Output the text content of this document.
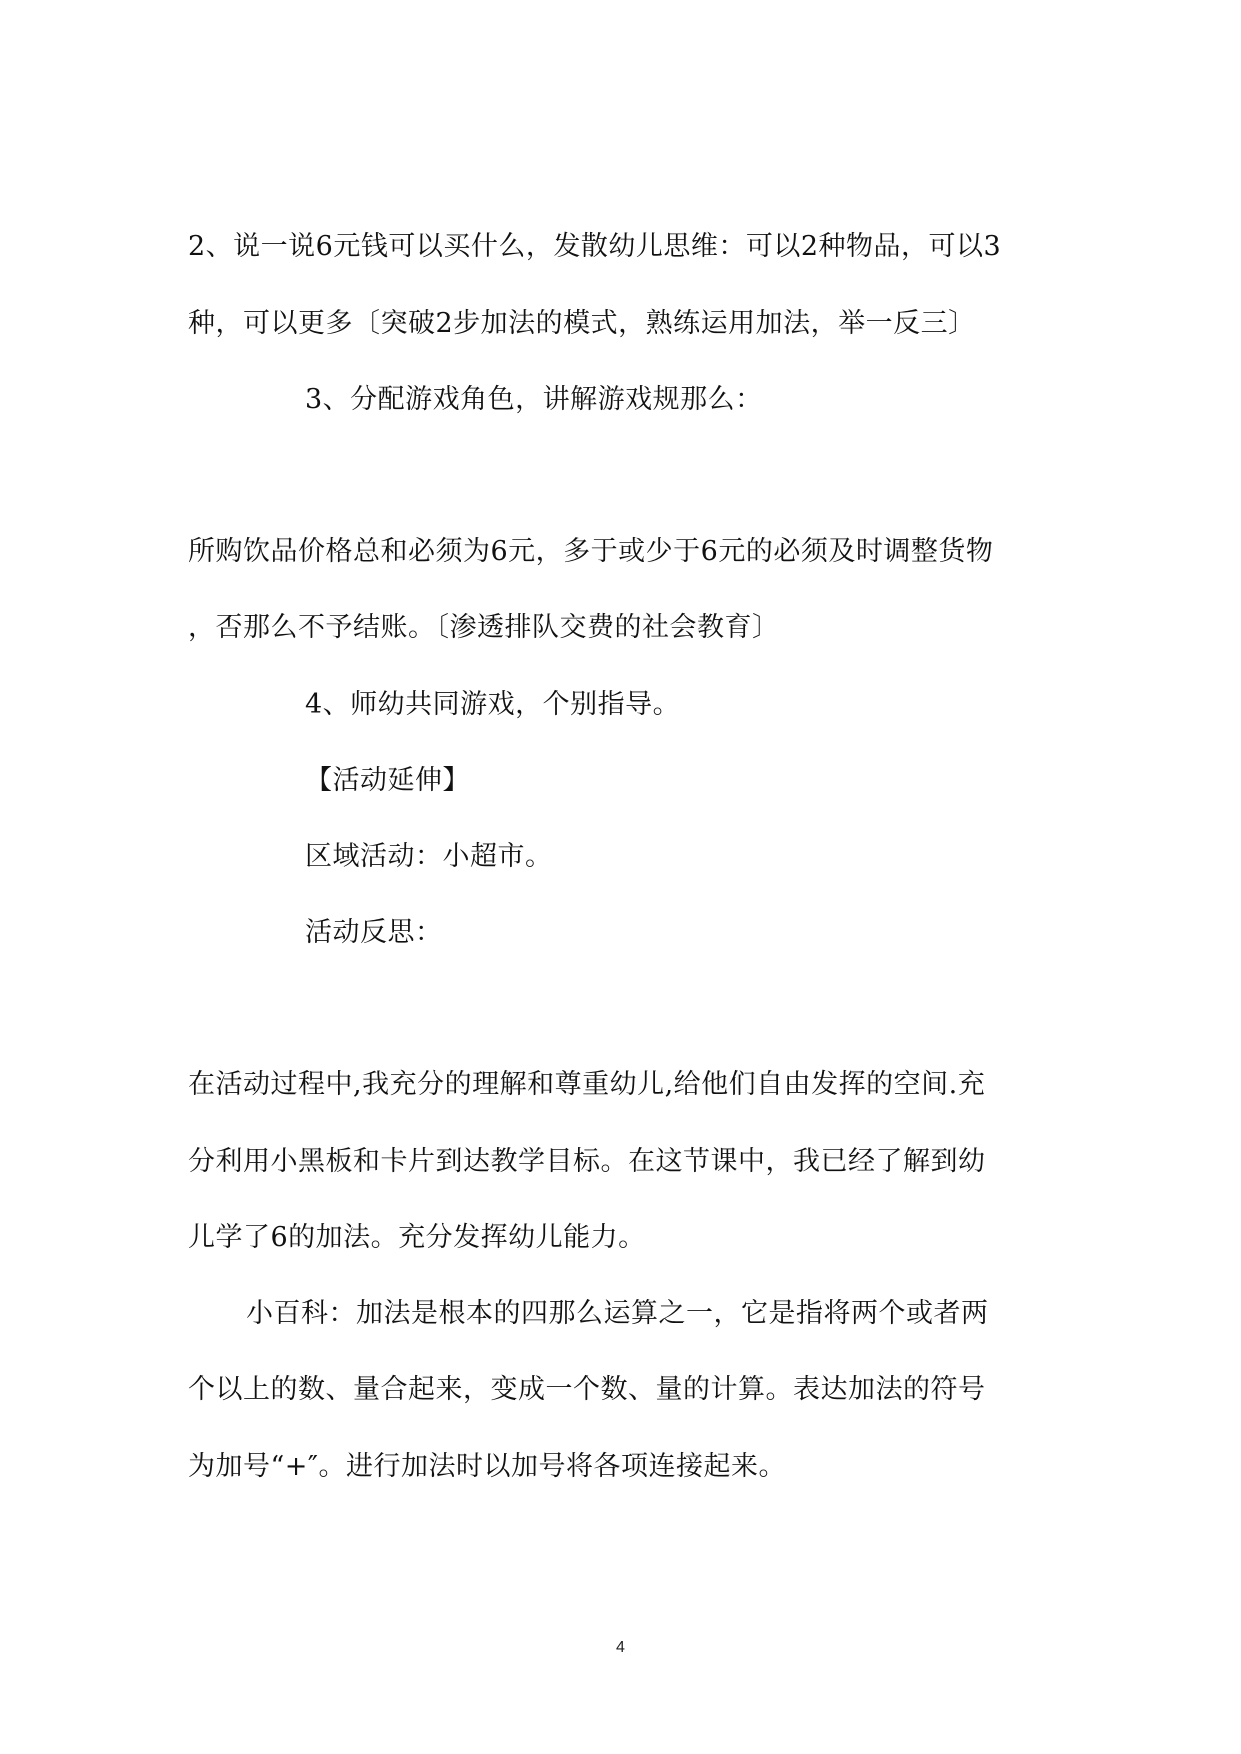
2、说一说6元钱可以买什么，发散幼儿思维：可以2种物品，可以3
种，可以更多〔突破2步加法的模式，熟练运用加法，举一反三〕
3、分配游戏角色，讲解游戏规那么：
所购饮品价格总和必须为6元，多于或少于6元的必须及时调整货物
，否那么不予结账。〔渗透排队交费的社会教育〕
4、师幼共同游戏，个别指导。
【活动延伸】
区域活动：小超市。
活动反思：
在活动过程中,我充分的理解和尊重幼儿,给他们自由发挥的空间.充
分利用小黑板和卡片到达教学目标。在这节课中，我已经了解到幼
儿学了6的加法。充分发挥幼儿能力。
小百科：加法是根本的四那么运算之一，它是指将两个或者两
个以上的数、量合起来，变成一个数、量的计算。表达加法的符号
为加号“+″。进行加法时以加号将各项连接起来。
4
